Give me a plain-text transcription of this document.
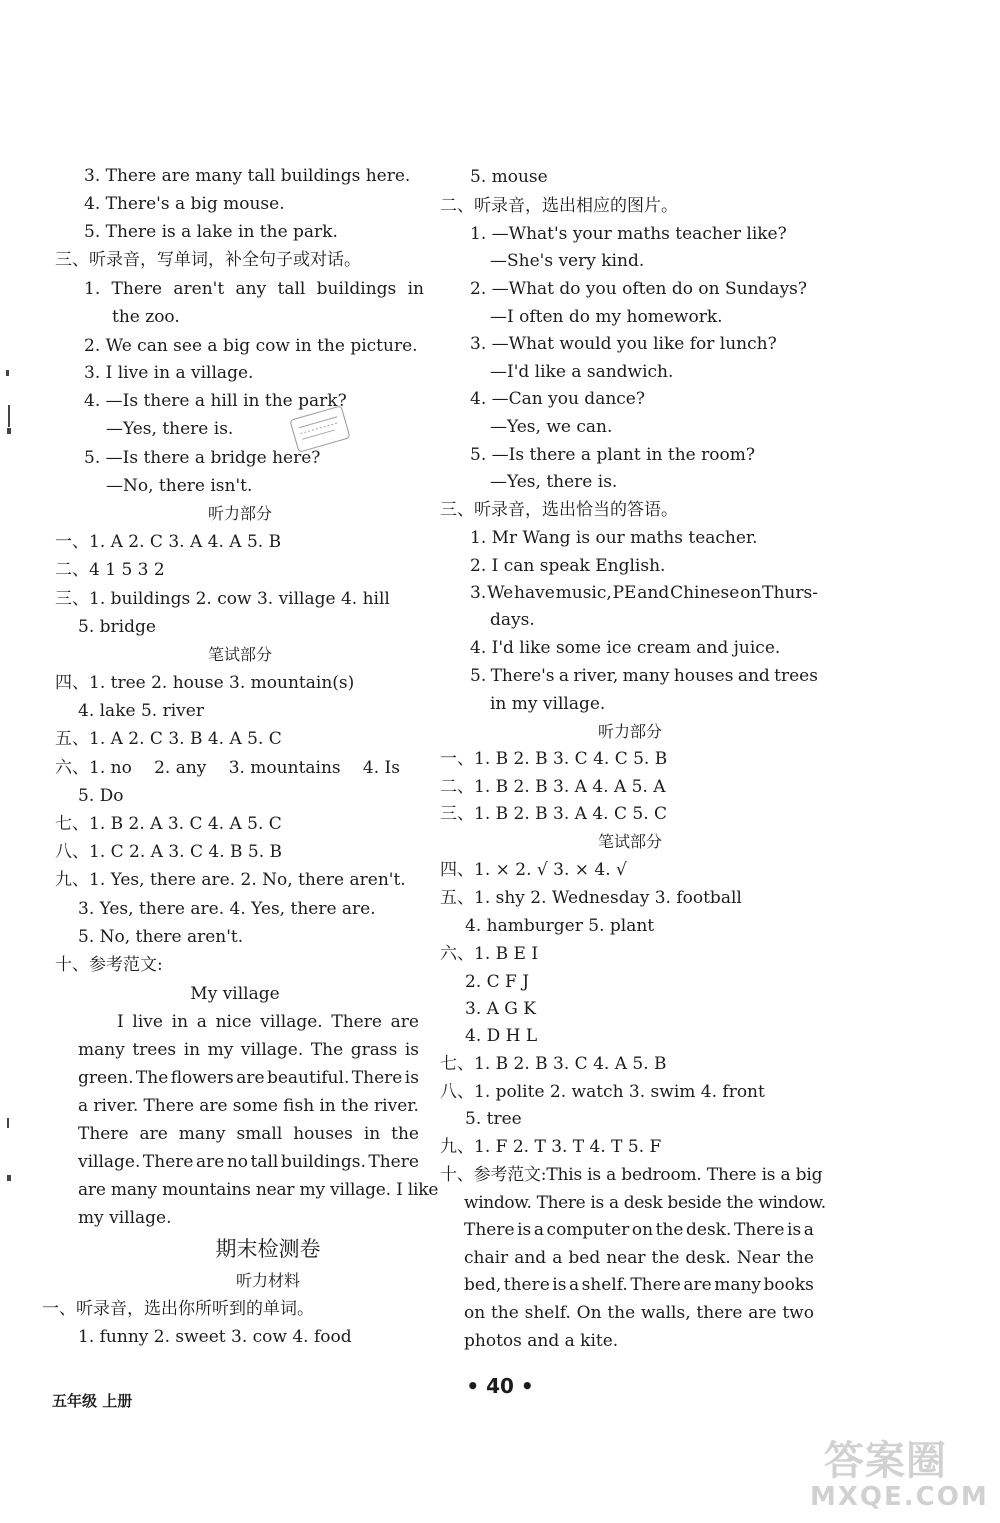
3. There are many tall buildings here.
4. There's a big mouse.
5. There is a lake in the park.
三、听录音，写单词，补全句子或对话。
1. There aren't any tall buildings in
the zoo.
2. We can see a big cow in the picture.
3. I live in a village.
4. —Is there a hill in the park?
—Yes, there is.
5. —Is there a bridge here?
—No, there isn't.
听力部分
一、1. A 2. C 3. A 4. A 5. B
二、4 1 5 3 2
三、1. buildings 2. cow 3. village 4. hill
5. bridge
笔试部分
四、1. tree 2. house 3. mountain(s)
4. lake 5. river
五、1. A 2. C 3. B 4. A 5. C
六、1. no 2. any 3. mountains 4. Is
5. Do
七、1. B 2. A 3. C 4. A 5. C
八、1. C 2. A 3. C 4. B 5. B
九、1. Yes, there are. 2. No, there aren't.
3. Yes, there are. 4. Yes, there are.
5. No, there aren't.
十、参考范文:
My village
I live in a nice village. There are
many trees in my village. The grass is
green. The flowers are beautiful. There is
a river. There are some fish in the river.
There are many small houses in the
village. There are no tall buildings. There
are many mountains near my village. I like
my village.
期末检测卷
听力材料
一、听录音，选出你所听到的单词。
1. funny 2. sweet 3. cow 4. food
5. mouse
二、听录音，选出相应的图片。
1. —What's your maths teacher like?
—She's very kind.
2. —What do you often do on Sundays?
—I often do my homework.
3. —What would you like for lunch?
—I'd like a sandwich.
4. —Can you dance?
—Yes, we can.
5. —Is there a plant in the room?
—Yes, there is.
三、听录音，选出恰当的答语。
1. Mr Wang is our maths teacher.
2. I can speak English.
3. We have music, PE and Chinese on Thurs-
days.
4. I'd like some ice cream and juice.
5. There's a river, many houses and trees
in my village.
听力部分
一、1. B 2. B 3. C 4. C 5. B
二、1. B 2. B 3. A 4. A 5. A
三、1. B 2. B 3. A 4. C 5. C
笔试部分
四、1. × 2. √ 3. × 4. √
五、1. shy 2. Wednesday 3. football
4. hamburger 5. plant
六、1. B E I
2. C F J
3. A G K
4. D H L
七、1. B 2. B 3. C 4. A 5. B
八、1. polite 2. watch 3. swim 4. front
5. tree
九、1. F 2. T 3. T 4. T 5. F
十、参考范文:This is a bedroom. There is a big
window. There is a desk beside the window.
There is a computer on the desk. There is a
chair and a bed near the desk. Near the
bed, there is a shelf. There are many books
on the shelf. On the walls, there are two
photos and a kite.
五年级 上册
• 40 •
答案圈
MXQE.COM
